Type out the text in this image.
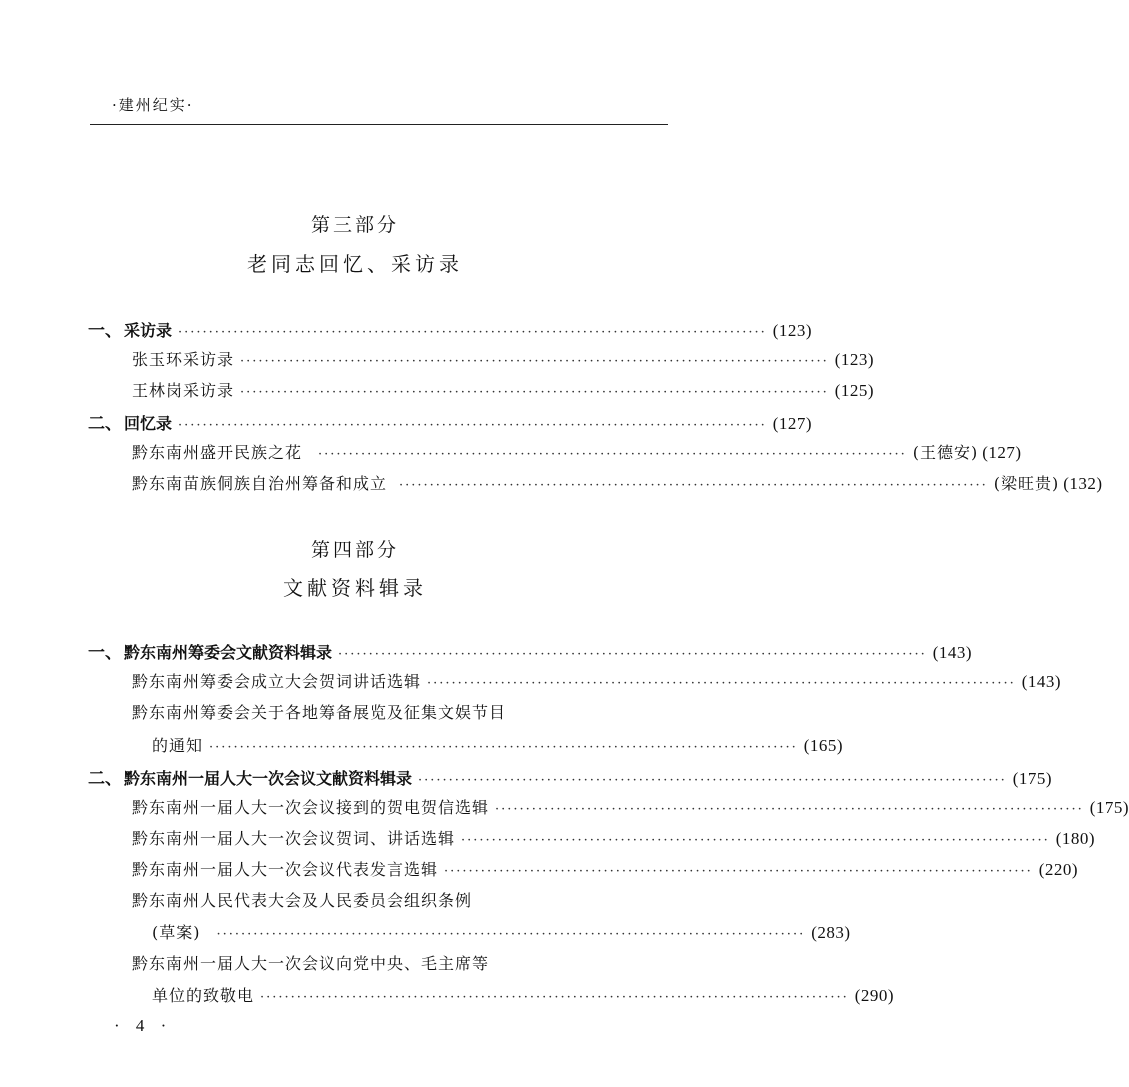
·建州纪实·
第三部分
老同志回忆、采访录
一、 采访录 ································································································ (123)
张玉环采访录 ································································································ (123)
王林岗采访录 ································································································ (125)
二、 回忆录 ································································································ (127)
黔东南州盛开民族之花 ································································································ (王德安) (127)
黔东南苗族侗族自治州筹备和成立 ································································································ (梁旺贵) (132)
第四部分
文献资料辑录
一、 黔东南州筹委会文献资料辑录 ································································································ (143)
黔东南州筹委会成立大会贺词讲话选辑 ································································································ (143)
黔东南州筹委会关于各地筹备展览及征集文娱节目
的通知 ································································································ (165)
二、 黔东南州一届人大一次会议文献资料辑录 ································································································ (175)
黔东南州一届人大一次会议接到的贺电贺信选辑 ································································································ (175)
黔东南州一届人大一次会议贺词、讲话选辑 ································································································ (180)
黔东南州一届人大一次会议代表发言选辑 ································································································ (220)
黔东南州人民代表大会及人民委员会组织条例
(草案) ································································································ (283)
黔东南州一届人大一次会议向党中央、毛主席等
单位的致敬电 ································································································ (290)
· 4 ·
